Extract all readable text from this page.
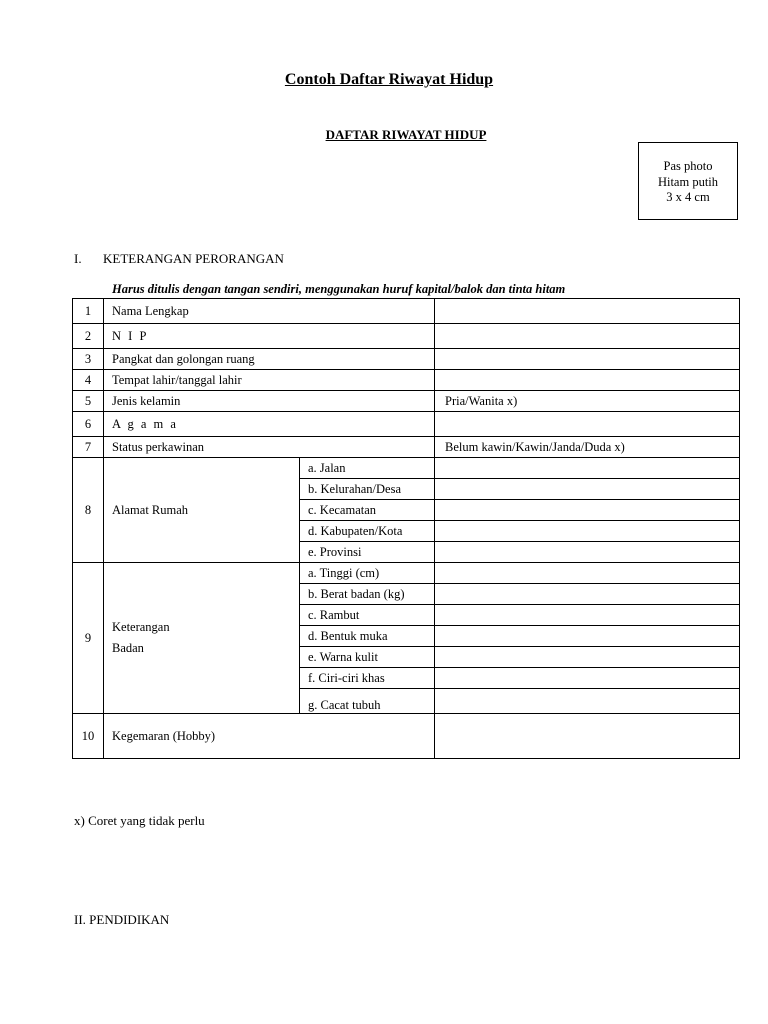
Contoh Daftar Riwayat Hidup
DAFTAR RIWAYAT HIDUP
Pas photo
Hitam putih
3 x 4 cm
I. KETERANGAN PERORANGAN
Harus ditulis dengan tangan sendiri, menggunakan huruf kapital/balok dan tinta hitam
1	Nama Lengkap		
2	N I P		
3	Pangkat dan golongan ruang		
4	Tempat lahir/tanggal lahir		
5	Jenis kelamin		Pria/Wanita x)
6	A g a m a		
7	Status perkawinan		Belum kawin/Kawin/Janda/Duda x)
8	Alamat Rumah	a. Jalan	
		b. Kelurahan/Desa	
		c. Kecamatan	
		d. Kabupaten/Kota	
		e. Provinsi	
9	Keterangan
Badan	a. Tinggi (cm)	
		b. Berat badan (kg)	
		c. Rambut	
		d. Bentuk muka	
		e. Warna kulit	
		f. Ciri-ciri khas	
		g. Cacat tubuh	
10	Kegemaran (Hobby)		
x) Coret yang tidak perlu
II. PENDIDIKAN
